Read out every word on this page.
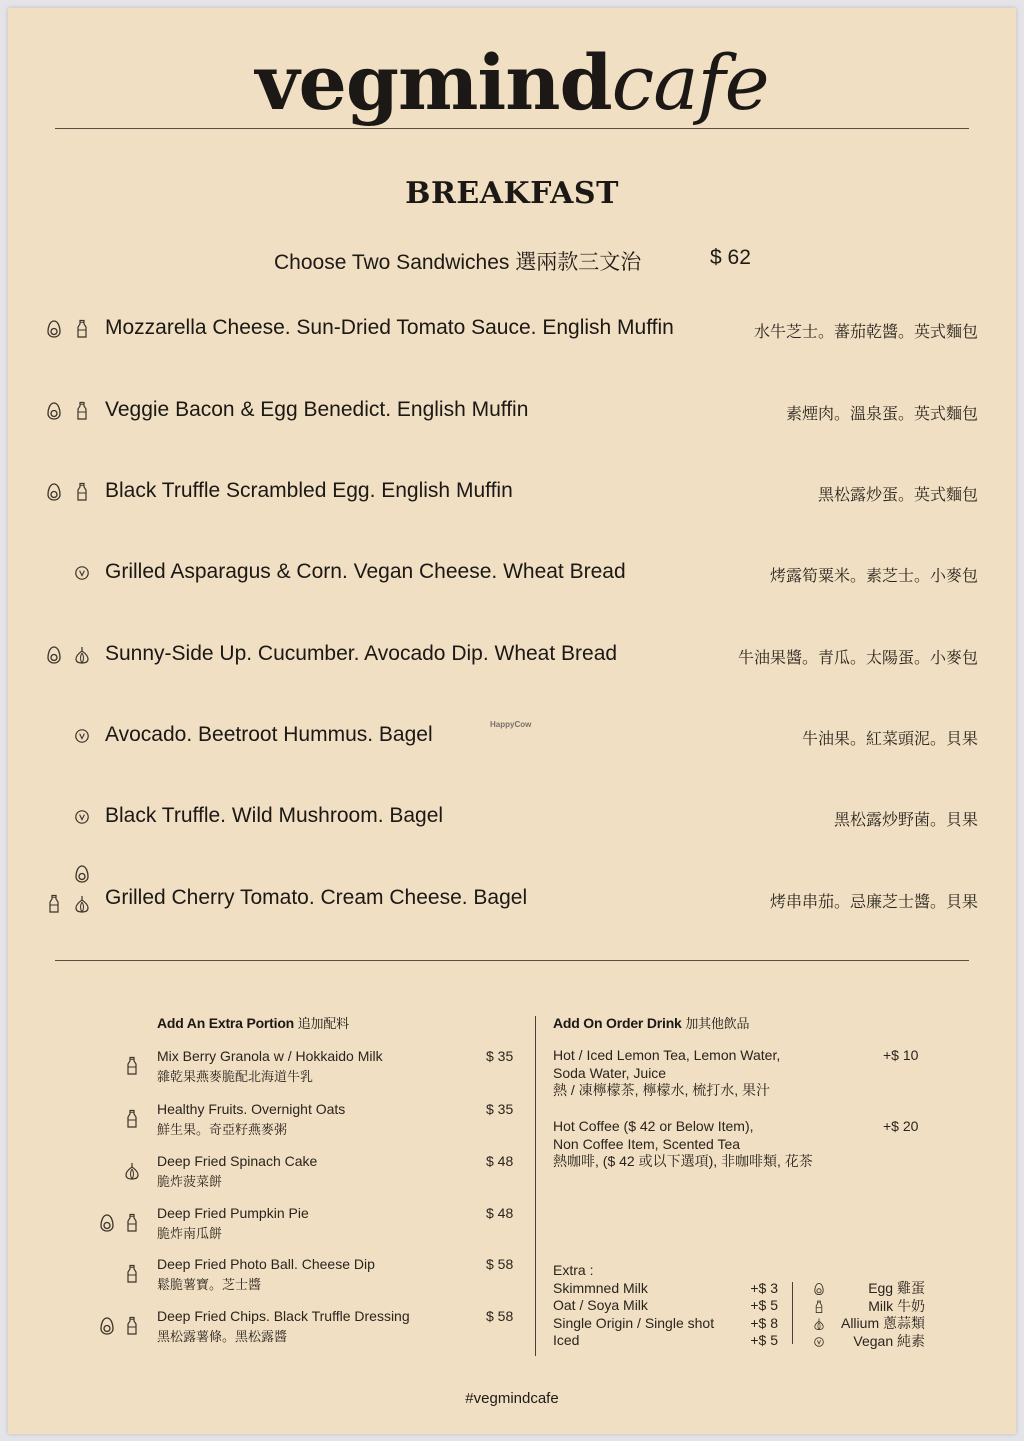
vegmindcafe
BREAKFAST
Choose Two Sandwiches 選兩款三文治	$ 62
Mozzarella Cheese. Sun-Dried Tomato Sauce. English Muffin	水牛芝士。蕃茄乾醬。英式麵包
Veggie Bacon & Egg Benedict. English Muffin	素煙肉。溫泉蛋。英式麵包
Black Truffle Scrambled Egg. English Muffin	黑松露炒蛋。英式麵包
Grilled Asparagus & Corn. Vegan Cheese. Wheat Bread	烤露筍粟米。素芝士。小麥包
Sunny-Side Up. Cucumber. Avocado Dip. Wheat Bread	牛油果醬。青瓜。太陽蛋。小麥包
Avocado. Beetroot Hummus. Bagel	牛油果。紅菜頭泥。貝果
Black Truffle. Wild Mushroom. Bagel	黑松露炒野菌。貝果
Grilled Cherry Tomato. Cream Cheese. Bagel	烤串串茄。忌廉芝士醬。貝果
HappyCow
Add An Extra Portion 追加配料
Mix Berry Granola w / Hokkaido Milk
雜乾果燕麥脆配北海道牛乳
$ 35
Healthy Fruits. Overnight Oats
鮮生果。奇亞籽燕麥粥
$ 35
Deep Fried Spinach Cake
脆炸菠菜餅
$ 48
Deep Fried Pumpkin Pie
脆炸南瓜餅
$ 48
Deep Fried Photo Ball. Cheese Dip
鬆脆薯寶。芝士醬
$ 58
Deep Fried Chips. Black Truffle Dressing
黑松露薯條。黑松露醬
$ 58
Add On Order Drink 加其他飲品
Hot / Iced Lemon Tea, Lemon Water,
Soda Water, Juice
熱 / 凍檸檬茶, 檸檬水, 梳打水, 果汁
+$ 10
Hot Coffee ($ 42 or Below Item),
Non Coffee Item, Scented Tea
熱咖啡, ($ 42 或以下選項), 非咖啡類, 花茶
+$ 20
Extra :
Skimmned Milk	+$ 3
Oat / Soya Milk	+$ 5
Single Origin / Single shot	+$ 8
Iced	+$ 5
Egg 雞蛋
Milk 牛奶
Allium 蔥蒜類
Vegan 純素
#vegmindcafe
